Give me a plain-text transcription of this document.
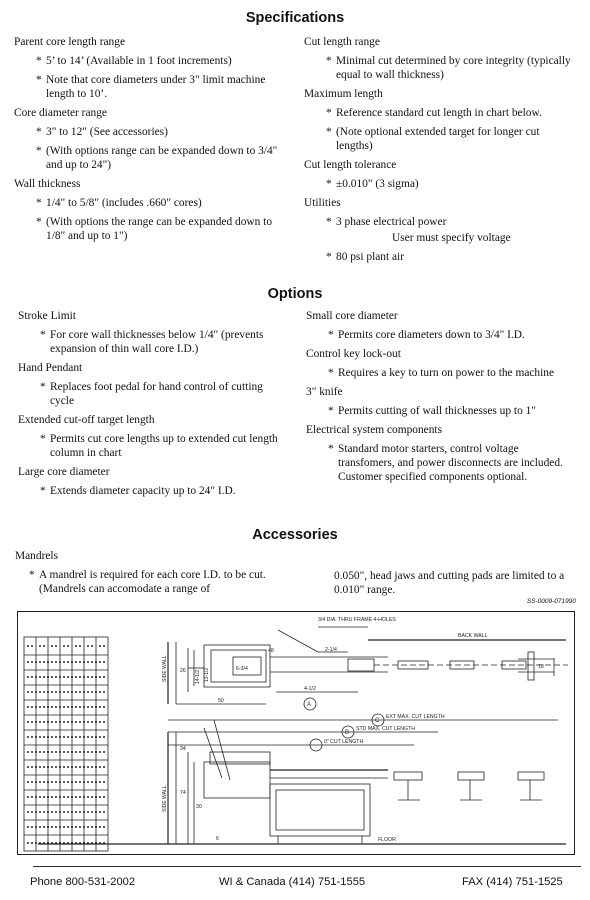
Specifications
Parent core length range
* 5’ to 14’ (Available in 1 foot increments)
* Note that core diameters under 3" limit machine length to 10’.
Core diameter range
* 3" to 12" (See accessories)
* (With options range can be expanded down to 3/4" and up to 24")
Wall thickness
* 1/4" to 5/8" (includes .660" cores)
* (With options the range can be expanded down to 1/8" and up to 1")
Cut length range
* Minimal cut determined by core integrity (typically equal to wall thickness)
Maximum length
* Reference standard cut length in chart below.
* (Note optional extended target for longer cut lengths)
Cut length tolerance
* ±0.010" (3 sigma)
Utilities
* 3 phase electrical power
User must specify voltage
* 80 psi plant air
Options
Stroke Limit
* For core wall thicknesses below 1/4" (prevents expansion of thin wall core I.D.)
Hand Pendant
* Replaces foot pedal for hand control of cutting cycle
Extended cut-off target length
* Permits cut core lengths up to extended cut length column in chart
Large core diameter
* Extends diameter capacity up to 24" I.D.
Small core diameter
* Permits core diameters down to 3/4" I.D.
Control key lock-out
* Requires a key to turn on power to the machine
3" knife
* Permits cutting of wall thicknesses up to 1"
Electrical system components
* Standard motor starters, control voltage transfomers, and power disconnects are included. Customer specified components optional.
Accessories
Mandrels
* A mandrel is required for each core I.D. to be cut. (Mandrels can accomodate a range of
0.050", head jaws and cutting pads are limited to a 0.010" range.
SS-0009-071990
3/4 DIA. THRU FRAME 4-HOLES
BACK WALL
EXT MAX. CUT LENGTH
STD MAX. CUT LENGTH
0" CUT LENGTH
FLOOR
2-1/4
4-1/2
50
18
26
48
34
74
30
6
6-3/4
A
B
C
SIDE WALL
SIDE WALL
14-1/2 13-1/2
Phone 800-531-2002	WI & Canada (414) 751-1555	FAX (414) 751-1525
